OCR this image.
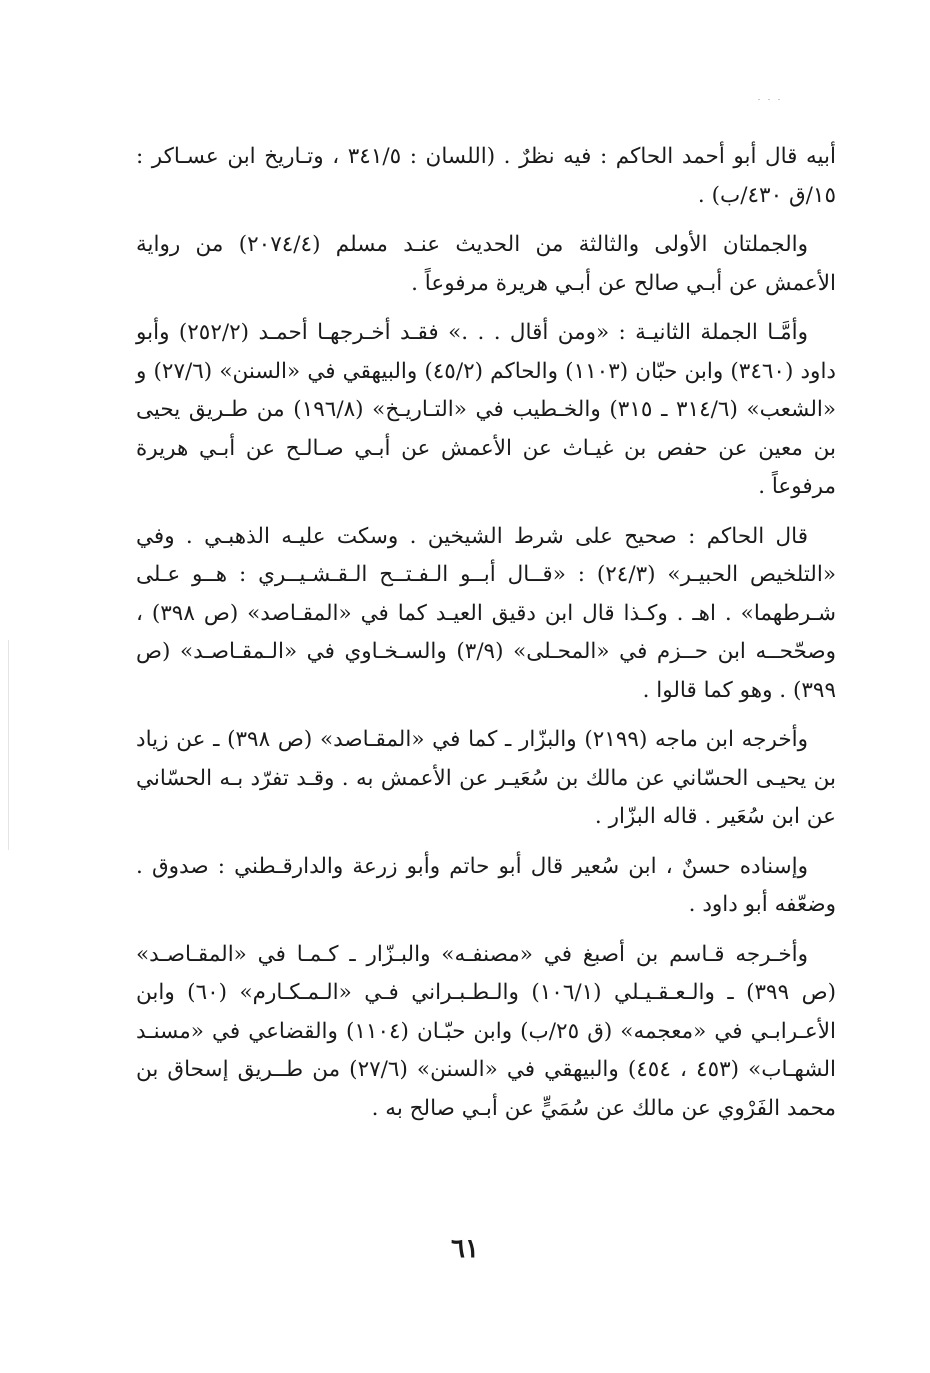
أبيه قال أبو أحمد الحاكم : فيه نظرٌ . (اللسان : ٣٤١/٥ ، وتـاريخ ابن عسـاكر : ١٥/ق ٤٣٠/ب) .

والجملتان الأولى والثالثة من الحديث عنـد مسلم (٢٠٧٤/٤) من رواية الأعمش عن أبـي صالح عن أبـي هريرة مرفوعاً .

وأمَّـا الجملة الثانيـة : «ومن أقال . . .» فقـد أخـرجهـا أحمـد (٢٥٢/٢) وأبو داود (٣٤٦٠) وابن حبّان (١١٠٣) والحاكم (٤٥/٢) والبيهقي في «السنن» (٢٧/٦) و «الشعب» (٣١٤/٦ ـ ٣١٥) والخـطيب في «التـاريـخ» (١٩٦/٨) من طـريق يحيى بن معين عن حفص بن غيـاث عن الأعمش عن أبـي صـالـح عن أبـي هريرة مرفوعاً .

قال الحاكم : صحيح على شرط الشيخين . وسكت عليـه الذهبـي . وفي «التلخيص الحبيـر» (٢٤/٣) : «قــال أبــو الـفـتــح الـقـشـيــري : هــو عـلى شـرطهما» . اهـ . وكـذا قال ابن دقيق العيـد كما في «المقـاصد» (ص ٣٩٨) ، وصحّحــه ابن حــزم في «المحـلى» (٣/٩) والسـخـاوي في «الـمقـاصـد» (ص ٣٩٩) . وهو كما قالوا .

وأخرجه ابن ماجه (٢١٩٩) والبزّار ـ كما في «المقـاصد» (ص ٣٩٨) ـ عن زياد بن يحيـى الحسّاني عن مالك بن سُعَيـر عن الأعمش به . وقـد تفرّد بـه الحسّاني عن ابن سُعَير . قاله البزّار .

وإسناده حسنٌ ، ابن سُعير قال أبو حاتم وأبو زرعة والدارقـطني : صدوق . وضعّفه أبو داود .

وأخـرجه قـاسم بن أصبغ في «مصنفـه» والبـزّار ـ كـمـا في «المقـاصـد» (ص ٣٩٩) ـ والـعـقـيـلي (١٠٦/١) والـطـبـراني فـي «الـمـكـارم» (٦٠) وابن الأعـرابـي في «معجمه» (ق ٢٥/ب) وابن حبّـان (١١٠٤) والقضاعي في «مسنـد الشهـاب» (٤٥٣ ، ٤٥٤) والبيهقي في «السنن» (٢٧/٦) من طــريق إسحاق بن محمد الفَرْوي عن مالك عن سُمَيٍّ عن أبـي صالح به .

٦١
